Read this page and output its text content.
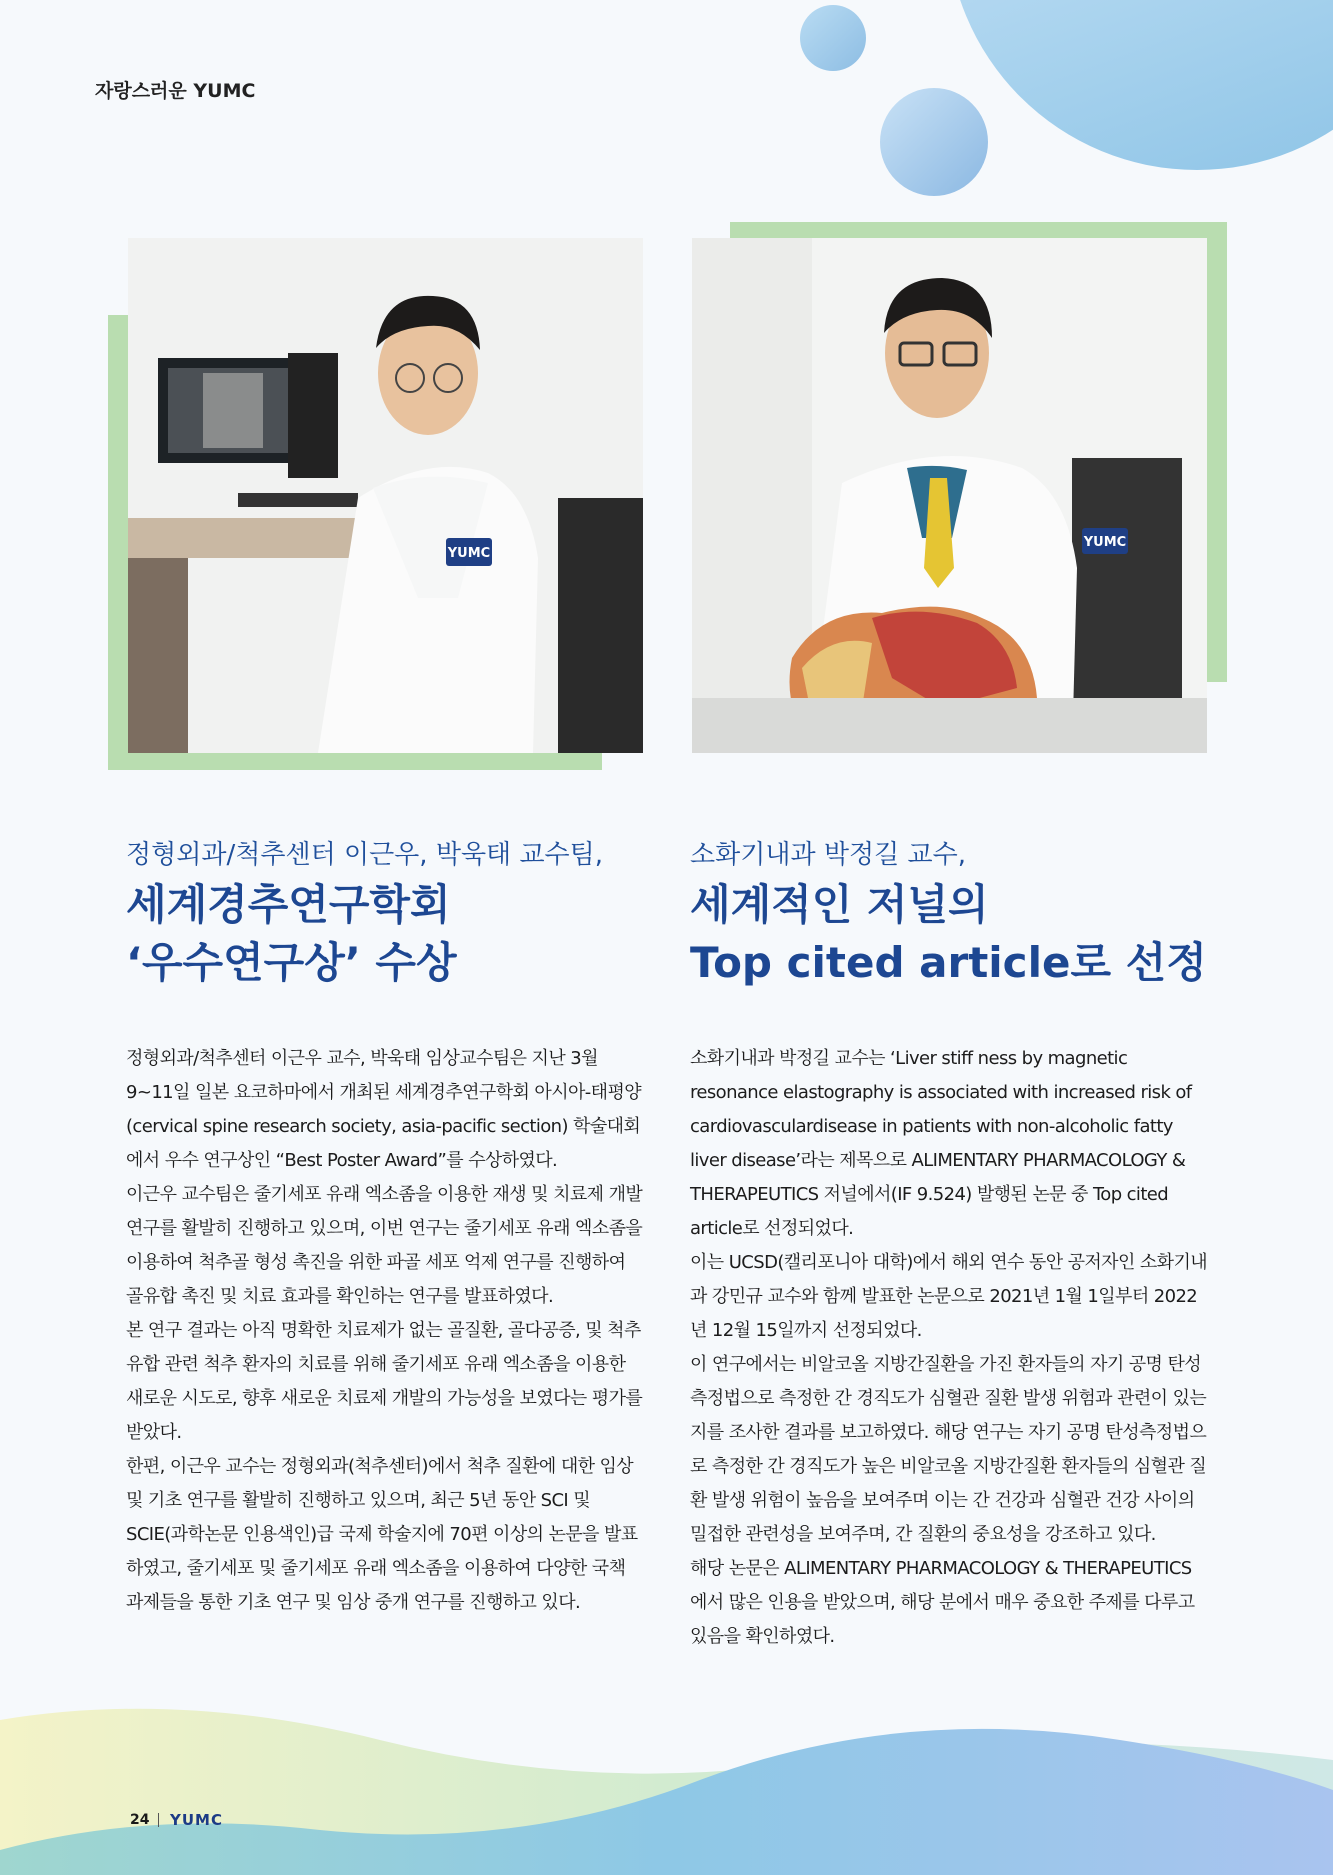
자랑스러운 YUMC
YUMC
YUMC
정형외과/척추센터 이근우, 박욱태 교수팀,
세계경추연구학회
‘우수연구상’ 수상

정형외과/척추센터 이근우 교수, 박욱태 임상교수팀은 지난 3월 9~11일 일본 요코하마에서 개최된 세계경추연구학회 아시아-태평양 (cervical spine research society, asia-pacific section) 학술대회에서 우수 연구상인 “Best Poster Award”를 수상하였다.

이근우 교수팀은 줄기세포 유래 엑소좀을 이용한 재생 및 치료제 개발 연구를 활발히 진행하고 있으며, 이번 연구는 줄기세포 유래 엑소좀을 이용하여 척추골 형성 촉진을 위한 파골 세포 억제 연구를 진행하여 골유합 촉진 및 치료 효과를 확인하는 연구를 발표하였다.

본 연구 결과는 아직 명확한 치료제가 없는 골질환, 골다공증, 및 척추 유합 관련 척추 환자의 치료를 위해 줄기세포 유래 엑소좀을 이용한 새로운 시도로, 향후 새로운 치료제 개발의 가능성을 보였다는 평가를 받았다.

한편, 이근우 교수는 정형외과(척추센터)에서 척추 질환에 대한 임상 및 기초 연구를 활발히 진행하고 있으며, 최근 5년 동안 SCI 및 SCIE(과학논문 인용색인)급 국제 학술지에 70편 이상의 논문을 발표하였고, 줄기세포 및 줄기세포 유래 엑소좀을 이용하여 다양한 국책 과제들을 통한 기초 연구 및 임상 중개 연구를 진행하고 있다.

소화기내과 박정길 교수,
세계적인 저널의
Top cited article로 선정

소화기내과 박정길 교수는 ‘Liver stiff ness by magnetic resonance elastography is associated with increased risk of cardiovasculardisease in patients with non-alcoholic fatty liver disease’라는 제목으로 ALIMENTARY PHARMACOLOGY & THERAPEUTICS 저널에서(IF 9.524) 발행된 논문 중 Top cited article로 선정되었다.

이는 UCSD(캘리포니아 대학)에서 해외 연수 동안 공저자인 소화기내과 강민규 교수와 함께 발표한 논문으로 2021년 1월 1일부터 2022년 12월 15일까지 선정되었다.

이 연구에서는 비알코올 지방간질환을 가진 환자들의 자기 공명 탄성측정법으로 측정한 간 경직도가 심혈관 질환 발생 위험과 관련이 있는지를 조사한 결과를 보고하였다. 해당 연구는 자기 공명 탄성측정법으로 측정한 간 경직도가 높은 비알코올 지방간질환 환자들의 심혈관 질환 발생 위험이 높음을 보여주며 이는 간 건강과 심혈관 건강 사이의 밀접한 관련성을 보여주며, 간 질환의 중요성을 강조하고 있다.

해당 논문은 ALIMENTARY PHARMACOLOGY & THERAPEUTICS 에서 많은 인용을 받았으며, 해당 분에서 매우 중요한 주제를 다루고 있음을 확인하였다.

24 YUMC
